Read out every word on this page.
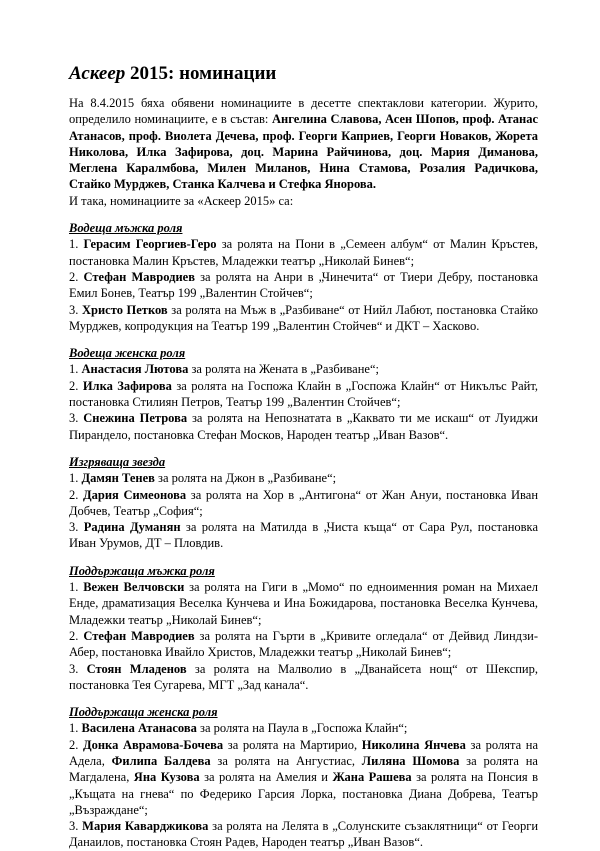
Аскеер 2015: номинации

На 8.4.2015 бяха обявени номинациите в десетте спектаклови категории. Журито, определило номинациите, е в състав: Ангелина Славова, Асен Шопов, проф. Атанас Атанасов, проф. Виолета Дечева, проф. Георги Каприев, Георги Новаков, Жорета Николова, Илка Зафирова, доц. Марина Райчинова, доц. Мария Диманова, Меглена Каралмбова, Милен Миланов, Нина Стамова, Розалия Радичкова, Стайко Мурджев, Станка Калчева и Стефка Янорова.

И така, номинациите за «Аскеер 2015» са:

Водеща мъжка роля

1. Герасим Георгиев-Геро за ролята на Пони в „Семеен албум“ от Малин Кръстев, постановка Малин Кръстев, Младежки театър „Николай Бинев“;

2. Стефан Мавродиев за ролята на Анри в „Чинечита“ от Тиери Дебру, постановка Емил Бонев, Театър 199 „Валентин Стойчев“;

3. Христо Петков за ролята на Мъж в „Разбиване“ от Нийл Лабют, постановка Стайко Мурджев, копродукция на Театър 199 „Валентин Стойчев“ и ДКТ – Хасково.

Водеща женска роля

1. Анастасия Лютова за ролята на Жената в „Разбиване“;

2. Илка Зафирова за ролята на Госпожа Клайн в „Госпожа Клайн“ от Никълъс Райт, постановка Стилиян Петров, Театър 199 „Валентин Стойчев“;

3. Снежина Петрова за ролята на Непознатата в „Каквато ти ме искаш“ от Луиджи Пирандело, постановка Стефан Москов, Народен театър „Иван Вазов“.

Изгряваща звезда

1. Дамян Тенев за ролята на Джон в „Разбиване“;

2. Дария Симеонова за ролята на Хор в „Антигона“ от Жан Ануи, постановка Иван Добчев, Театър „София“;

3. Радина Думанян за ролята на Матилда в „Чиста къща“ от Сара Рул, постановка Иван Урумов, ДТ – Пловдив.

Поддържаща мъжка роля

1. Вежен Велчовски за ролята на Гиги в „Момо“ по едноименния роман на Михаел Енде, драматизация Веселка Кунчева и Ина Божидарова, постановка Веселка Кунчева, Младежки театър „Николай Бинев“;

2. Стефан Мавродиев за ролята на Гърти в „Кривите огледала“ от Дейвид Линдзи-Абер, постановка Ивайло Христов, Младежки театър „Николай Бинев“;

3. Стоян Младенов за ролята на Малволио в „Дванайсета нощ“ от Шекспир, постановка Тея Сугарева, МГТ „Зад канала“.

Поддържаща женска роля

1. Василена Атанасова за ролята на Паула в „Госпожа Клайн“;

2. Донка Аврамова-Бочева за ролята на Мартирио, Николина Янчева за ролята на Адела, Филипа Балдева за ролята на Ангустиас, Лиляна Шомова за ролята на Магдалена, Яна Кузова за ролята на Амелия и Жана Рашева за ролята на Понсия в „Къщата на гнева“ по Федерико Гарсия Лорка, постановка Диана Добрева, Театър „Възраждане“;

3. Мария Каварджикова за ролята на Лелята в „Солунските съзаклятници“ от Георги Данаилов, постановка Стоян Радев, Народен театър „Иван Вазов“.
